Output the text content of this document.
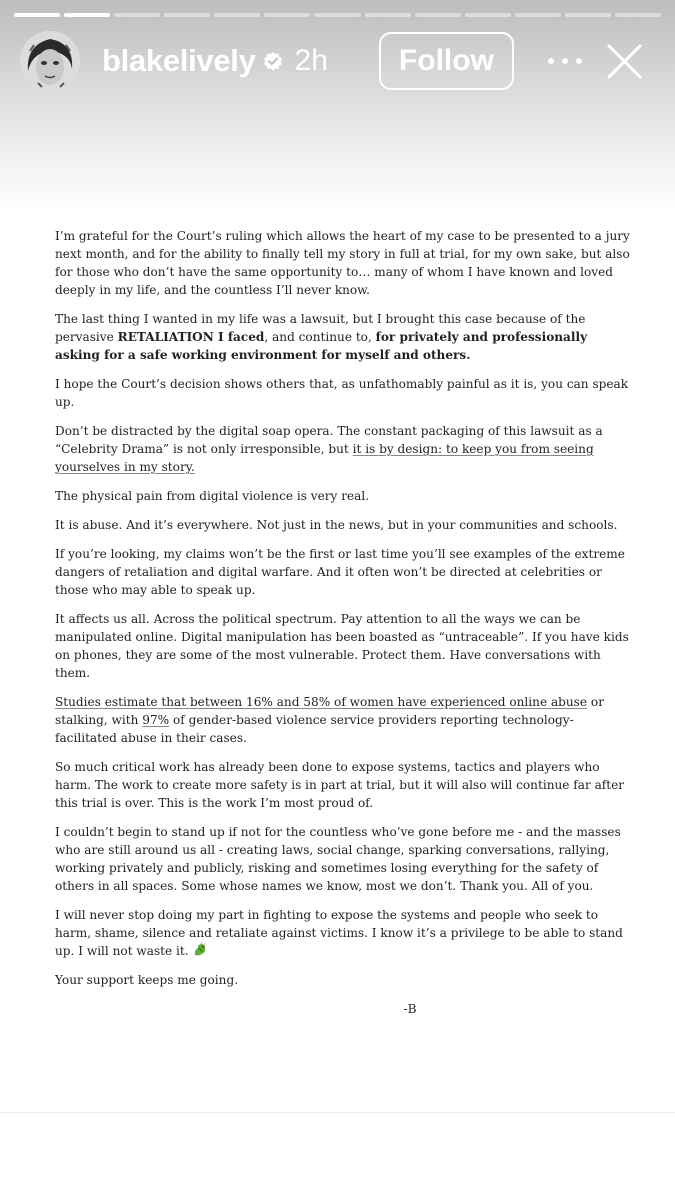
blakelively 2h	Follow

I’m grateful for the Court’s ruling which allows the heart of my case to be presented to a jury next month, and for the ability to finally tell my story in full at trial, for my own sake, but also for those who don’t have the same opportunity to… many of whom I have known and loved deeply in my life, and the countless I’ll never know.

The last thing I wanted in my life was a lawsuit, but I brought this case because of the pervasive RETALIATION I faced, and continue to, for privately and professionally asking for a safe working environment for myself and others.

I hope the Court’s decision shows others that, as unfathomably painful as it is, you can speak up.

Don’t be distracted by the digital soap opera. The constant packaging of this lawsuit as a “Celebrity Drama” is not only irresponsible, but it is by design: to keep you from seeing yourselves in my story.

The physical pain from digital violence is very real.

It is abuse. And it’s everywhere. Not just in the news, but in your communities and schools.

If you’re looking, my claims won’t be the first or last time you’ll see examples of the extreme dangers of retaliation and digital warfare. And it often won’t be directed at celebrities or those who may able to speak up.

It affects us all. Across the political spectrum. Pay attention to all the ways we can be manipulated online. Digital manipulation has been boasted as “untraceable”. If you have kids on phones, they are some of the most vulnerable. Protect them. Have conversations with them.

Studies estimate that between 16% and 58% of women have experienced online abuse or stalking, with 97% of gender-based violence service providers reporting technology-facilitated abuse in their cases.

So much critical work has already been done to expose systems, tactics and players who harm. The work to create more safety is in part at trial, but it will also will continue far after this trial is over. This is the work I’m most proud of.

I couldn’t begin to stand up if not for the countless who’ve gone before me - and the masses who are still around us all - creating laws, social change, sparking conversations, rallying, working privately and publicly, risking and sometimes losing everything for the safety of others in all spaces. Some whose names we know, most we don’t. Thank you. All of you.

I will never stop doing my part in fighting to expose the systems and people who seek to harm, shame, silence and retaliate against victims. I know it’s a privilege to be able to stand up. I will not waste it.

Your support keeps me going.

-B
